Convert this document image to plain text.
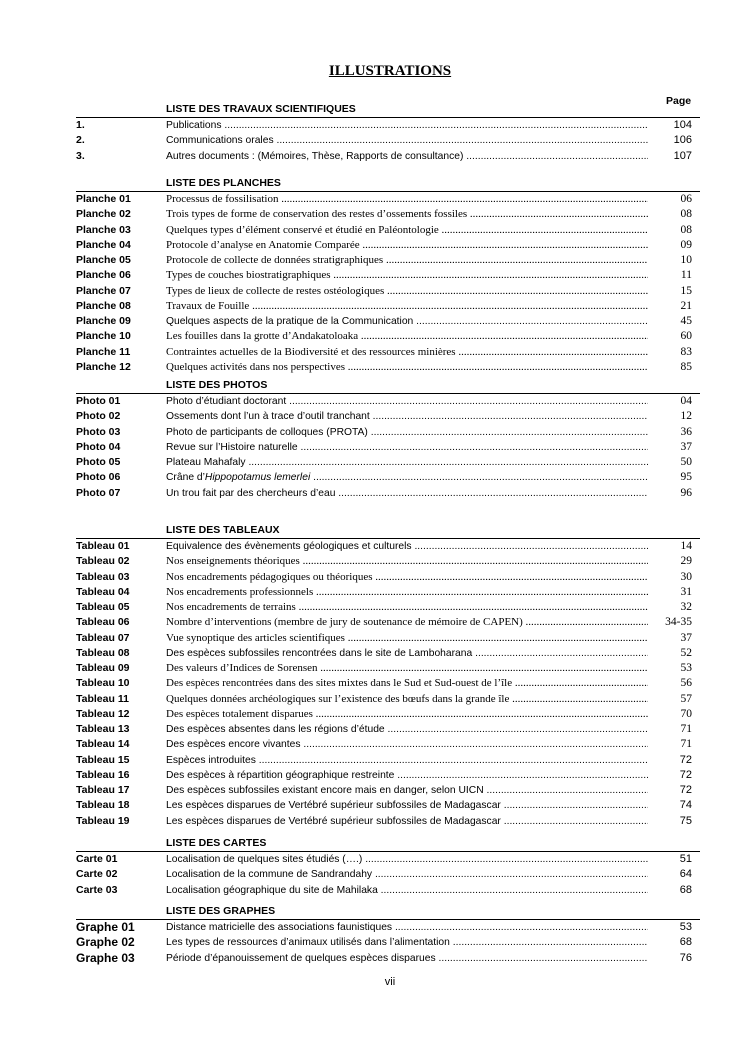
ILLUSTRATIONS
Page
LISTE DES TRAVAUX SCIENTIFIQUES
1.	Publications .....	104
2.	Communications orales .....	106
3.	Autres documents : (Mémoires, Thèse, Rapports de consultance) .....	107
LISTE DES PLANCHES
Planche 01	Processus de fossilisation .....	06
Planche 02	Trois types de forme de conservation des restes d’ossements fossiles .....	08
Planche 03	Quelques types d’élément conservé et étudié en Paléontologie .....	08
Planche 04	Protocole d’analyse en Anatomie Comparée .....	09
Planche 05	Protocole de collecte de données stratigraphiques .....	10
Planche 06	Types de couches biostratigraphiques .....	11
Planche 07	Types de lieux de collecte de restes ostéologiques .....	15
Planche 08	Travaux de Fouille .....	21
Planche 09	Quelques aspects de la pratique de la Communication .....	45
Planche 10	Les fouilles dans la grotte d’Andakatoloaka .....	60
Planche 11	Contraintes actuelles de la Biodiversité et des ressources minières .....	83
Planche 12	Quelques activités dans nos perspectives .....	85
LISTE DES PHOTOS
Photo 01	Photo d’étudiant doctorant .....	04
Photo 02	Ossements dont l’un à trace d’outil tranchant .....	12
Photo 03	Photo de participants de colloques (PROTA) .....	36
Photo 04	Revue sur l’Histoire naturelle .....	37
Photo 05	Plateau Mahafaly .....	50
Photo 06	Crâne d’Hippopotamus lemerlei .....	95
Photo 07	Un trou fait par des chercheurs d’eau .....	96
LISTE DES TABLEAUX
Tableau 01	Equivalence des évènements géologiques et culturels .....	14
Tableau 02	Nos enseignements théoriques .....	29
Tableau 03	Nos encadrements pédagogiques ou théoriques .....	30
Tableau 04	Nos encadrements professionnels .....	31
Tableau 05	Nos encadrements de terrains .....	32
Tableau 06	Nombre d’interventions (membre de jury de soutenance de mémoire de CAPEN) .....	34-35
Tableau 07	Vue synoptique des articles scientifiques .....	37
Tableau 08	Des espèces subfossiles rencontrées dans le site de Lamboharana .....	52
Tableau 09	Des valeurs d’Indices de Sorensen .....	53
Tableau 10	Des espèces rencontrées dans des sites mixtes dans le Sud et Sud-ouest de l’île .....	56
Tableau 11	Quelques données archéologiques sur l’existence des bœufs dans la grande île .....	57
Tableau 12	Des espèces totalement disparues .....	70
Tableau 13	Des espèces absentes dans les régions d’étude .....	71
Tableau 14	Des espèces encore vivantes .....	71
Tableau 15	Espèces introduites .....	72
Tableau 16	Des espèces à répartition géographique restreinte .....	72
Tableau 17	Des espèces subfossiles existant encore mais en danger, selon UICN .....	72
Tableau 18	Les espèces disparues de Vertébré supérieur subfossiles de Madagascar .....	74
Tableau 19	Les espèces disparues de Vertébré supérieur subfossiles de Madagascar .....	75
LISTE DES CARTES
Carte 01	Localisation de quelques sites étudiés (….) .....	51
Carte 02	Localisation de la commune de Sandrandahy .....	64
Carte 03	Localisation géographique du site de Mahilaka .....	68
LISTE DES GRAPHES
Graphe 01	Distance matricielle des associations faunistiques .....	53
Graphe 02	Les types de ressources d’animaux utilisés dans l’alimentation .....	68
Graphe 03	Période d’épanouissement de quelques espèces disparues .....	76
vii
